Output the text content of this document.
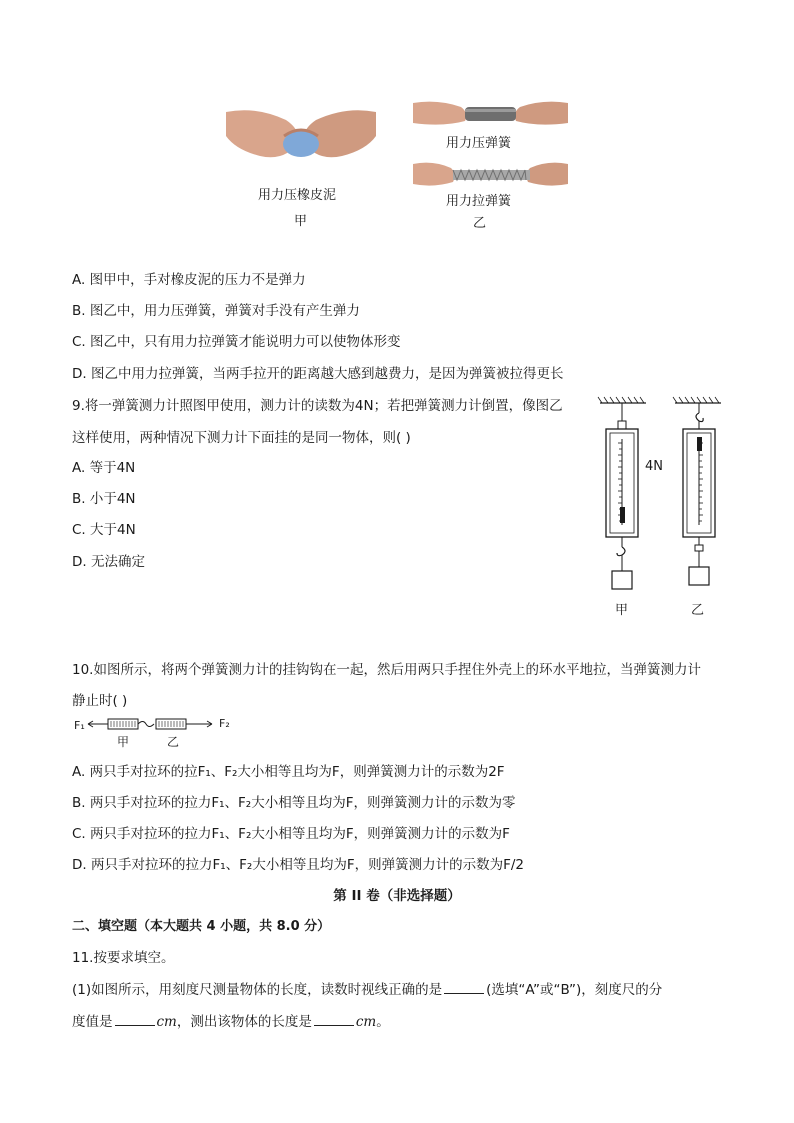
用力压橡皮泥
甲
用力压弹簧
用力拉弹簧
乙
A. 图甲中，手对橡皮泥的压力不是弹力
B. 图乙中，用力压弹簧，弹簧对手没有产生弹力
C. 图乙中，只有用力拉弹簧才能说明力可以使物体形变
D. 图乙中用力拉弹簧，当两手拉开的距离越大感到越费力，是因为弹簧被拉得更长
9.将一弹簧测力计照图甲使用，测力计的读数为4N；若把弹簧测力计倒置，像图乙
这样使用，两种情况下测力计下面挂的是同一物体，则( )
A. 等于4N
B. 小于4N
C. 大于4N
D. 无法确定
4N
甲	乙
10.如图所示，将两个弹簧测力计的挂钩钩在一起，然后用两只手捏住外壳上的环水平地拉，当弹簧测力计
静止时( )
F₁	F₂
甲	乙
A. 两只手对拉环的拉F₁、F₂大小相等且均为F，则弹簧测力计的示数为2F
B. 两只手对拉环的拉力F₁、F₂大小相等且均为F，则弹簧测力计的示数为零
C. 两只手对拉环的拉力F₁、F₂大小相等且均为F，则弹簧测力计的示数为F
D. 两只手对拉环的拉力F₁、F₂大小相等且均为F，则弹簧测力计的示数为F/2
第 II 卷（非选择题）
二、填空题（本大题共 4 小题，共 8.0 分）
11.按要求填空。
(1)如图所示，用刻度尺测量物体的长度，读数时视线正确的是	(选填“A”或“B”)，刻度尺的分
度值是	cm，测出该物体的长度是	cm。
